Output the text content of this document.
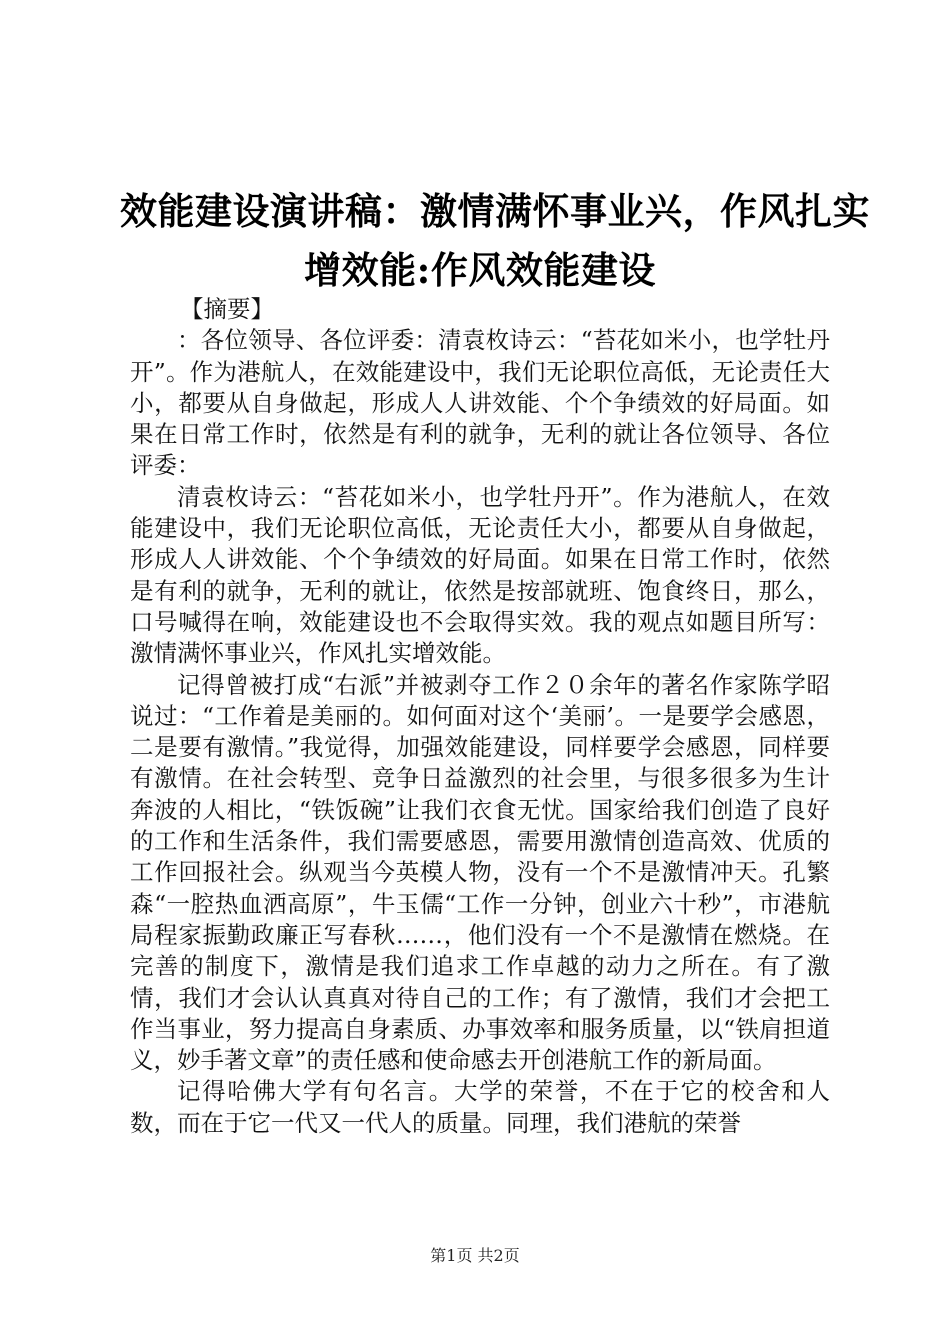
效能建设演讲稿：激情满怀事业兴，作风扎实
增效能:作风效能建设
【摘要】

：各位领导、各位评委：清袁枚诗云：“苔花如米小，也学牡丹开”。作为港航人，在效能建设中，我们无论职位高低，无论责任大小，都要从自身做起，形成人人讲效能、个个争绩效的好局面。如果在日常工作时，依然是有利的就争，无利的就让各位领导、各位评委：

清袁枚诗云：“苔花如米小，也学牡丹开”。作为港航人，在效能建设中，我们无论职位高低，无论责任大小，都要从自身做起，形成人人讲效能、个个争绩效的好局面。如果在日常工作时，依然是有利的就争，无利的就让，依然是按部就班、饱食终日，那么，口号喊得在响，效能建设也不会取得实效。我的观点如题目所写：激情满怀事业兴，作风扎实增效能。

记得曾被打成“右派”并被剥夺工作２０余年的著名作家陈学昭说过：“工作着是美丽的。如何面对这个‘美丽’。一是要学会感恩，二是要有激情。”我觉得，加强效能建设，同样要学会感恩，同样要有激情。在社会转型、竞争日益激烈的社会里，与很多很多为生计奔波的人相比，“铁饭碗”让我们衣食无忧。国家给我们创造了良好的工作和生活条件，我们需要感恩，需要用激情创造高效、优质的工作回报社会。纵观当今英模人物，没有一个不是激情冲天。孔繁森“一腔热血洒高原”，牛玉儒“工作一分钟，创业六十秒”，市港航局程家振勤政廉正写春秋……，他们没有一个不是激情在燃烧。在完善的制度下，激情是我们追求工作卓越的动力之所在。有了激情，我们才会认认真真对待自己的工作；有了激情，我们才会把工作当事业，努力提高自身素质、办事效率和服务质量，以“铁肩担道义，妙手著文章”的责任感和使命感去开创港航工作的新局面。

记得哈佛大学有句名言。大学的荣誉，不在于它的校舍和人数，而在于它一代又一代人的质量。同理，我们港航的荣誉

第1页 共2页
